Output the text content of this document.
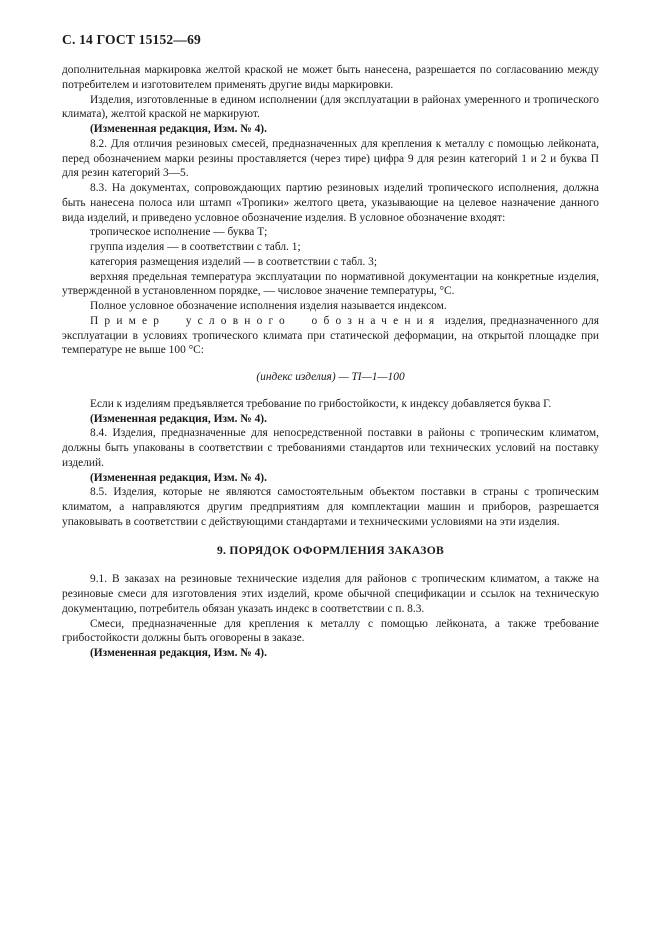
С. 14 ГОСТ 15152—69

дополнительная маркировка желтой краской не может быть нанесена, разрешается по согласованию между потребителем и изготовителем применять другие виды маркировки.

Изделия, изготовленные в едином исполнении (для эксплуатации в районах умеренного и тропического климата), желтой краской не маркируют.

(Измененная редакция, Изм. № 4).

8.2. Для отличия резиновых смесей, предназначенных для крепления к металлу с помощью лейконата, перед обозначением марки резины проставляется (через тире) цифра 9 для резин категорий 1 и 2 и буква П для резин категорий 3—5.

8.3. На документах, сопровождающих партию резиновых изделий тропического исполнения, должна быть нанесена полоса или штамп «Тропики» желтого цвета, указывающие на целевое назначение данного вида изделий, и приведено условное обозначение изделия. В условное обозначение входят:

тропическое исполнение — буква Т;

группа изделия — в соответствии с табл. 1;

категория размещения изделий — в соответствии с табл. 3;

верхняя предельная температура эксплуатации по нормативной документации на конкретные изделия, утвержденной в установленном порядке, — числовое значение температуры, °С.

Полное условное обозначение исполнения изделия называется индексом.

Пример условного обозначения изделия, предназначенного для эксплуатации в условиях тропического климата при статической деформации, на открытой площадке при температуре не выше 100 °С:

(индекс изделия) — TI—1—100

Если к изделиям предъявляется требование по грибостойкости, к индексу добавляется буква Г.

(Измененная редакция, Изм. № 4).

8.4. Изделия, предназначенные для непосредственной поставки в районы с тропическим климатом, должны быть упакованы в соответствии с требованиями стандартов или технических условий на поставку изделий.

(Измененная редакция, Изм. № 4).

8.5. Изделия, которые не являются самостоятельным объектом поставки в страны с тропическим климатом, а направляются другим предприятиям для комплектации машин и приборов, разрешается упаковывать в соответствии с действующими стандартами и техническими условиями на эти изделия.

9. ПОРЯДОК ОФОРМЛЕНИЯ ЗАКАЗОВ

9.1. В заказах на резиновые технические изделия для районов с тропическим климатом, а также на резиновые смеси для изготовления этих изделий, кроме обычной спецификации и ссылок на техническую документацию, потребитель обязан указать индекс в соответствии с п. 8.3.

Смеси, предназначенные для крепления к металлу с помощью лейконата, а также требование грибостойкости должны быть оговорены в заказе.

(Измененная редакция, Изм. № 4).
